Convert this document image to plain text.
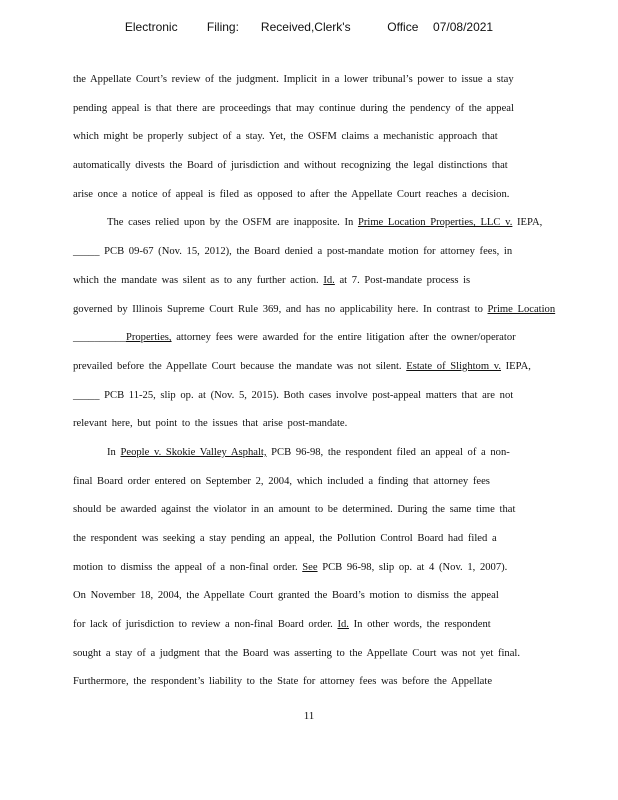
Electronic    Filing:   Received,Clerk's     Office  07/08/2021
the Appellate Court’s review of the judgment. Implicit in a lower tribunal’s power to issue a stay
pending appeal is that there are proceedings that may continue during the pendency of the appeal
which might be properly subject of a stay. Yet, the OSFM claims a mechanistic approach that
automatically divests the Board of jurisdiction and without recognizing the legal distinctions that
arise once a notice of appeal is filed as opposed to after the Appellate Court reaches a decision.
The cases relied upon by the OSFM are inapposite. In Prime Location Properties, LLC v. IEPA,
_____ PCB 09-67 (Nov. 15, 2012), the Board denied a post-mandate motion for attorney fees, in
which the mandate was silent as to any further action. Id. at 7. Post-mandate process is
governed by Illinois Supreme Court Rule 369, and has no applicability here. In contrast to Prime Location
__________Properties, attorney fees were awarded for the entire litigation after the owner/operator
prevailed before the Appellate Court because the mandate was not silent. Estate of Slightom v. IEPA,
_____ PCB 11-25, slip op. at (Nov. 5, 2015). Both cases involve post-appeal matters that are not
relevant here, but point to the issues that arise post-mandate.
In People v. Skokie Valley Asphalt, PCB 96-98, the respondent filed an appeal of a non-
final Board order entered on September 2, 2004, which included a finding that attorney fees
should be awarded against the violator in an amount to be determined. During the same time that
the respondent was seeking a stay pending an appeal, the Pollution Control Board had filed a
motion to dismiss the appeal of a non-final order. See PCB 96-98, slip op. at 4 (Nov. 1, 2007).
On November 18, 2004, the Appellate Court granted the Board’s motion to dismiss the appeal
for lack of jurisdiction to review a non-final Board order. Id. In other words, the respondent
sought a stay of a judgment that the Board was asserting to the Appellate Court was not yet final.
Furthermore, the respondent’s liability to the State for attorney fees was before the Appellate
11
